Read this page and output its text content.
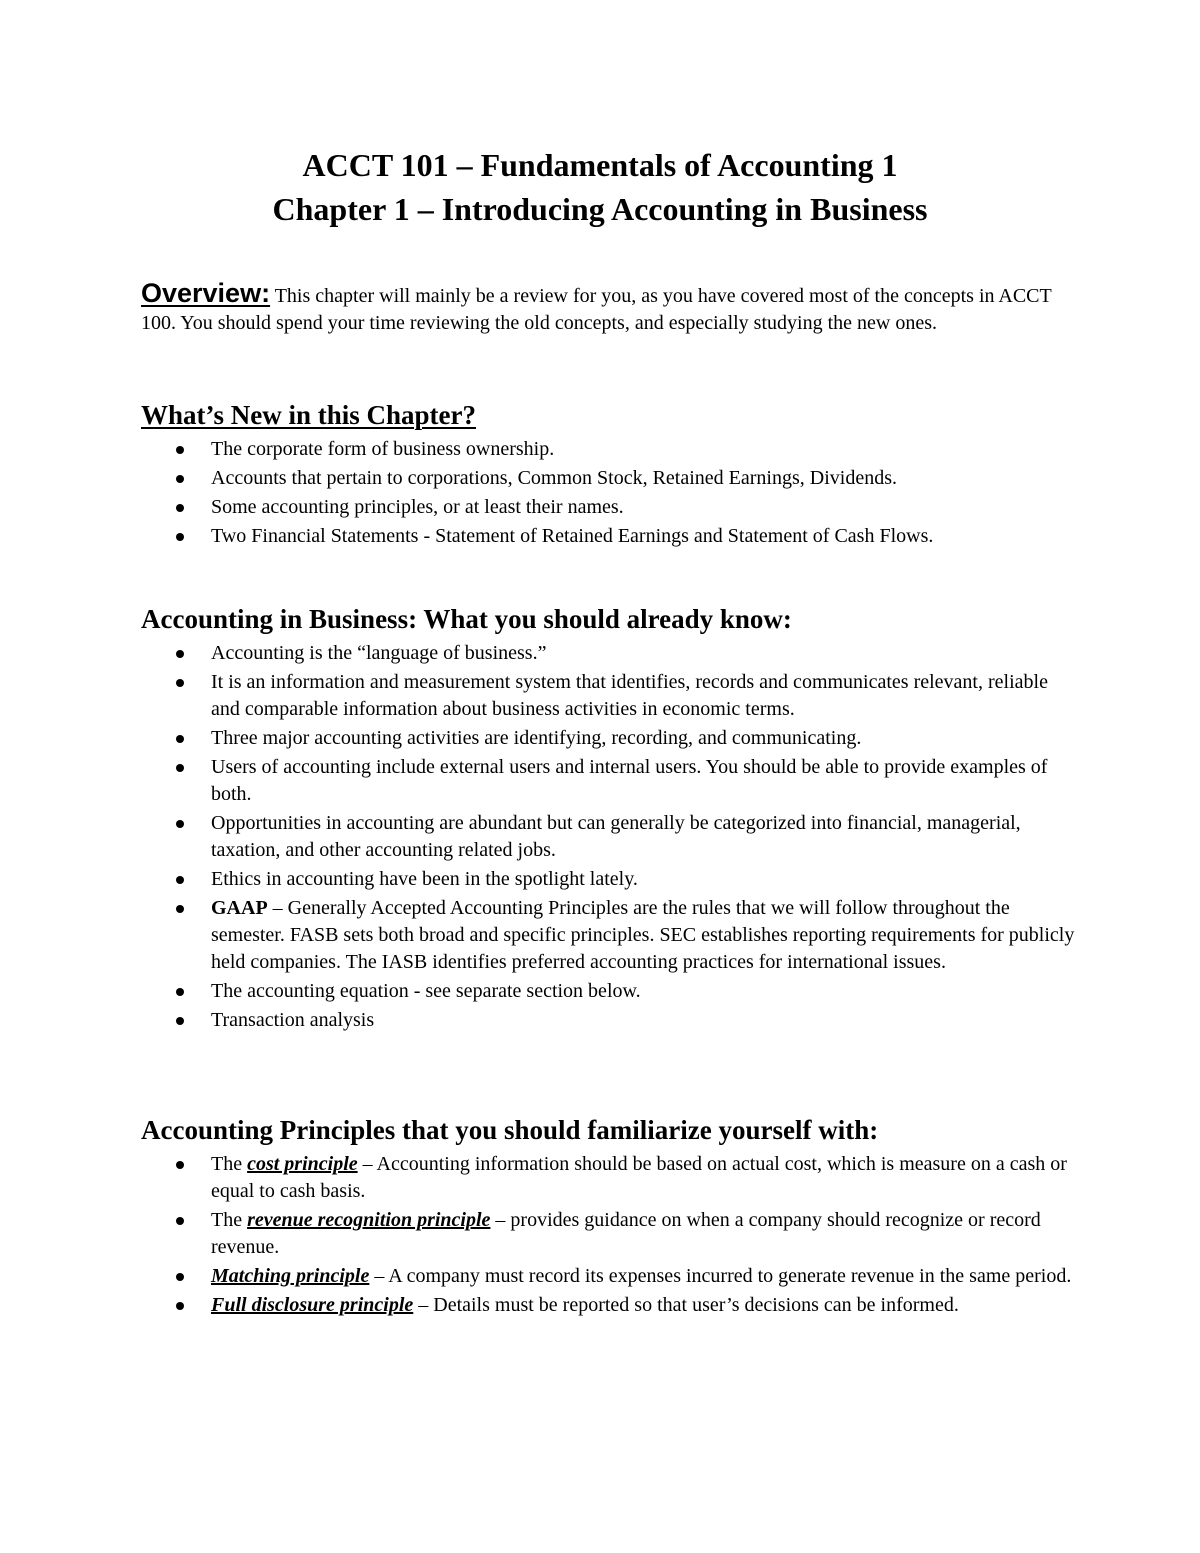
ACCT 101 – Fundamentals of Accounting 1
Chapter 1 – Introducing Accounting in Business
Overview: This chapter will mainly be a review for you, as you have covered most of the concepts in ACCT 100. You should spend your time reviewing the old concepts, and especially studying the new ones.
What’s New in this Chapter?
The corporate form of business ownership.
Accounts that pertain to corporations, Common Stock, Retained Earnings, Dividends.
Some accounting principles, or at least their names.
Two Financial Statements - Statement of Retained Earnings and Statement of Cash Flows.
Accounting in Business: What you should already know:
Accounting is the “language of business.”
It is an information and measurement system that identifies, records and communicates relevant, reliable and comparable information about business activities in economic terms.
Three major accounting activities are identifying, recording, and communicating.
Users of accounting include external users and internal users. You should be able to provide examples of both.
Opportunities in accounting are abundant but can generally be categorized into financial, managerial, taxation, and other accounting related jobs.
Ethics in accounting have been in the spotlight lately.
GAAP – Generally Accepted Accounting Principles are the rules that we will follow throughout the semester. FASB sets both broad and specific principles. SEC establishes reporting requirements for publicly held companies. The IASB identifies preferred accounting practices for international issues.
The accounting equation - see separate section below.
Transaction analysis
Accounting Principles that you should familiarize yourself with:
The cost principle – Accounting information should be based on actual cost, which is measure on a cash or equal to cash basis.
The revenue recognition principle – provides guidance on when a company should recognize or record revenue.
Matching principle – A company must record its expenses incurred to generate revenue in the same period.
Full disclosure principle – Details must be reported so that user’s decisions can be informed.
